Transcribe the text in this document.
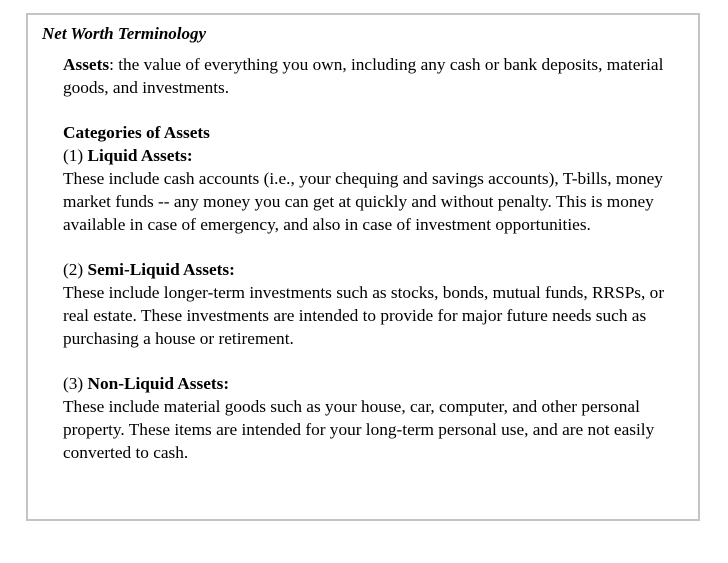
Net Worth Terminology

Assets: the value of everything you own, including any cash or bank deposits, material goods, and investments.

Categories of Assets

(1) Liquid Assets:

These include cash accounts (i.e., your chequing and savings accounts), T-bills, money market funds -- any money you can get at quickly and without penalty. This is money available in case of emergency, and also in case of investment opportunities.

(2) Semi-Liquid Assets:

These include longer-term investments such as stocks, bonds, mutual funds, RRSPs, or real estate. These investments are intended to provide for major future needs such as purchasing a house or retirement.

(3) Non-Liquid Assets:

These include material goods such as your house, car, computer, and other personal property. These items are intended for your long-term personal use, and are not easily converted to cash.
